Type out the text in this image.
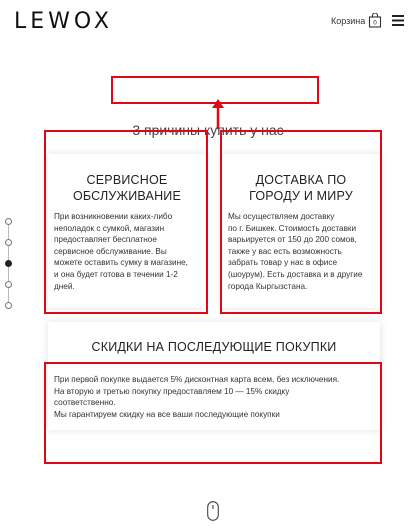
LEWOX	Корзина 0
3 причины купить у нас
СЕРВИСНОЕ
ОБСЛУЖИВАНИЕ
При возникновении каких-либо
неполадок с сумкой, магазин
предоставляет бесплатное
сервисное обслуживание. Вы
можете оставить сумку в магазине,
и она будет готова в течении 1-2
дней.
ДОСТАВКА ПО
ГОРОДУ И МИРУ
Мы осуществляем доставку
по г. Бишкек. Стоимость доставки
варьируется от 150 до 200 сомов,
также у вас есть возможность
забрать товар у нас в офисе
(шоурум). Есть доставка и в другие
города Кыргызстана.
СКИДКИ НА ПОСЛЕДУЮЩИЕ ПОКУПКИ
При первой покупке выдается 5% дисконтная карта всем, без исключения.
На вторую и третью покупку предоставляем 10 — 15% скидку
соответственно.
Мы гарантируем скидку на все ваши последующие покупки
